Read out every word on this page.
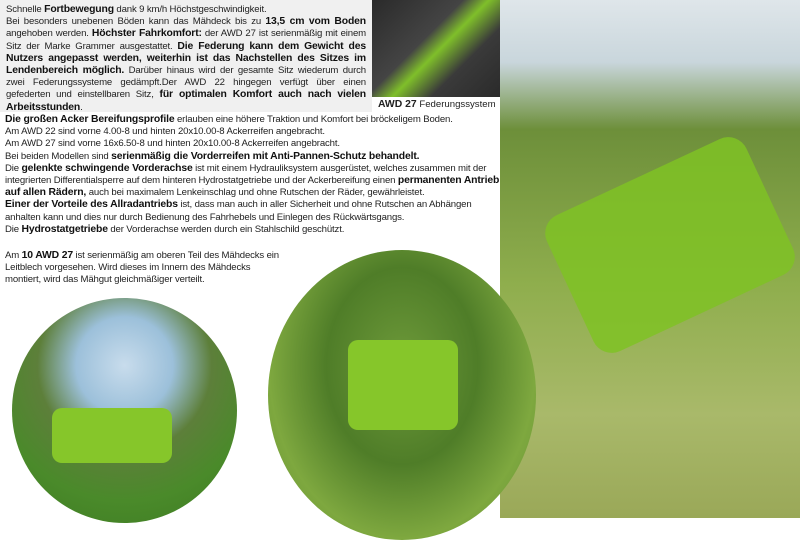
Schnelle Fortbewegung dank 9 km/h Höchstgeschwindigkeit.
Bei besonders unebenen Böden kann das Mähdeck bis zu 13,5 cm vom Boden angehoben werden. Höchster Fahrkomfort: der AWD 27 ist serienmäßig mit einem Sitz der Marke Grammer ausgestattet. Die Federung kann dem Gewicht des Nutzers angepasst werden, weiterhin ist das Nachstellen des Sitzes im Lendenbereich möglich. Darüber hinaus wird der gesamte Sitz wiederum durch zwei Federungssysteme gedämpft.Der AWD 22 hingegen verfügt über einen gefederten und einstellbaren Sitz, für optimalen Komfort auch nach vielen Arbeitsstunden.	AWD 27 Federungssystem
Die großen Acker Bereifungsprofile erlauben eine höhere Traktion und Komfort bei bröckeligem Boden.
Am AWD 22 sind vorne 4.00-8 und hinten 20x10.00-8 Ackerreifen angebracht.
Am AWD 27 sind vorne 16x6.50-8 und hinten 20x10.00-8 Ackerreifen angebracht.
Bei beiden Modellen sind serienmäßig die Vorderreifen mit Anti-Pannen-Schutz behandelt.
Die gelenkte schwingende Vorderachse ist mit einem Hydrauliksystem ausgerüstet, welches zusammen mit der integrierten Differentialsperre auf dem hinteren Hydrostatgetriebe und der Ackerbereifung einen permanenten Antrieb auf allen Rädern, auch bei maximalem Lenkeinschlag und ohne Rutschen der Räder, gewährleistet.
Einer der Vorteile des Allradantriebs ist, dass man auch in aller Sicherheit und ohne Rutschen an Abhängen anhalten kann und dies nur durch Bedienung des Fahrhebels und Einlegen des Rückwärtsgangs.
Die Hydrostatgetriebe der Vorderachse werden durch ein Stahlschild geschützt.
Am 10 AWD 27 ist serienmäßig am oberen Teil des Mähdecks ein Leitblech vorgesehen. Wird dieses im Innern des Mähdecks montiert, wird das Mähgut gleichmäßiger verteilt.
